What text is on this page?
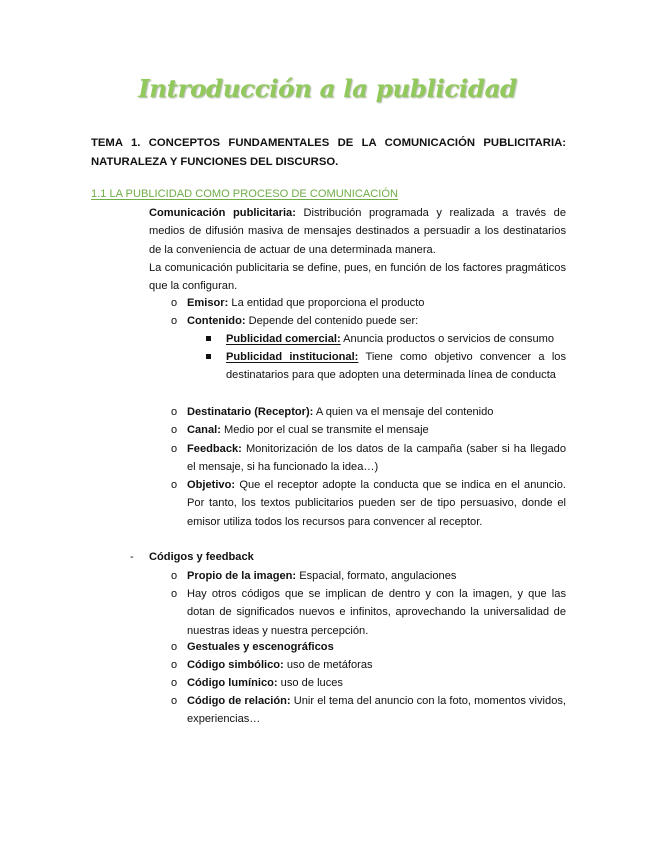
Introducción a la publicidad
TEMA 1. CONCEPTOS FUNDAMENTALES DE LA COMUNICACIÓN PUBLICITARIA: NATURALEZA Y FUNCIONES DEL DISCURSO.
1.1 LA PUBLICIDAD COMO PROCESO DE COMUNICACIÓN
Comunicación publicitaria: Distribución programada y realizada a través de medios de difusión masiva de mensajes destinados a persuadir a los destinatarios de la conveniencia de actuar de una determinada manera.
La comunicación publicitaria se define, pues, en función de los factores pragmáticos que la configuran.
o Emisor: La entidad que proporciona el producto
o Contenido: Depende del contenido puede ser:
Publicidad comercial: Anuncia productos o servicios de consumo
Publicidad institucional: Tiene como objetivo convencer a los destinatarios para que adopten una determinada línea de conducta
o Destinatario (Receptor): A quien va el mensaje del contenido
o Canal: Medio por el cual se transmite el mensaje
o Feedback: Monitorización de los datos de la campaña (saber si ha llegado el mensaje, si ha funcionado la idea…)
o Objetivo: Que el receptor adopte la conducta que se indica en el anuncio. Por tanto, los textos publicitarios pueden ser de tipo persuasivo, donde el emisor utiliza todos los recursos para convencer al receptor.
- Códigos y feedback
o Propio de la imagen: Espacial, formato, angulaciones
o Hay otros códigos que se implican de dentro y con la imagen, y que las dotan de significados nuevos e infinitos, aprovechando la universalidad de nuestras ideas y nuestra percepción.
o Gestuales y escenográficos
o Código simbólico: uso de metáforas
o Código lumínico: uso de luces
o Código de relación: Unir el tema del anuncio con la foto, momentos vividos, experiencias…
